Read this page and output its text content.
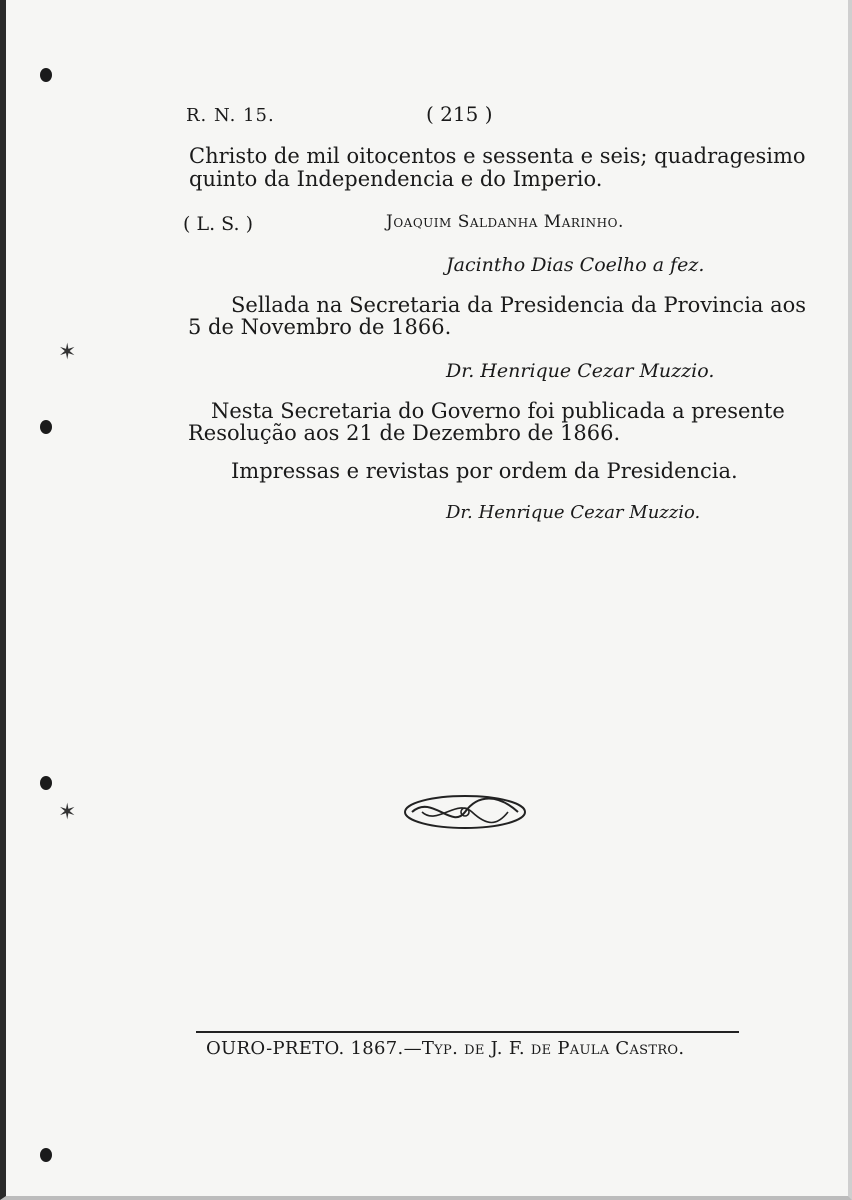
✶
✶
R. N. 15.	( 215 )
Christo de mil oitocentos e sessenta e seis; quadragesimo
quinto da Independencia e do Imperio.
( L. S. )	Joaquim Saldanha Marinho.
Jacintho Dias Coelho a fez.
Sellada na Secretaria da Presidencia da Provincia aos
5 de Novembro de 1866.
Dr. Henrique Cezar Muzzio.
Nesta Secretaria do Governo foi publicada a presente
Resolução aos 21 de Dezembro de 1866.
Impressas e revistas por ordem da Presidencia.
Dr. Henrique Cezar Muzzio.
OURO-PRETO. 1867.—Typ. de J. F. de Paula Castro.
